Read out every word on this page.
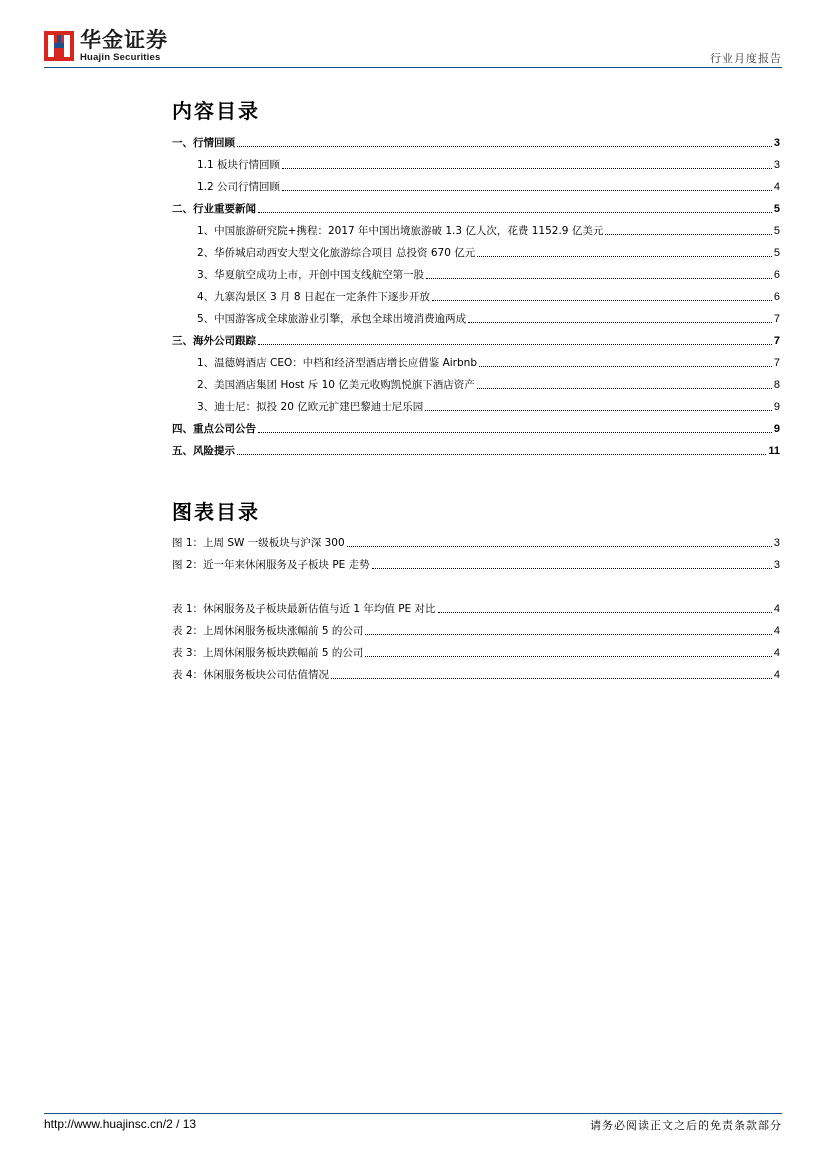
华金证券
Huajin Securities	行业月度报告
内容目录
一、行情回顾	3
1.1 板块行情回顾	3
1.2 公司行情回顾	4
二、行业重要新闻	5
1、中国旅游研究院+携程：2017 年中国出境旅游破 1.3 亿人次，花费 1152.9 亿美元	5
2、华侨城启动西安大型文化旅游综合项目 总投资 670 亿元	5
3、华夏航空成功上市，开创中国支线航空第一股	6
4、九寨沟景区 3 月 8 日起在一定条件下逐步开放	6
5、中国游客成全球旅游业引擎，承包全球出境消费逾两成	7
三、海外公司跟踪	7
1、温德姆酒店 CEO：中档和经济型酒店增长应借鉴 Airbnb	7
2、美国酒店集团 Host 斥 10 亿美元收购凯悦旗下酒店资产	8
3、迪士尼：拟投 20 亿欧元扩建巴黎迪士尼乐园	9
四、重点公司公告	9
五、风险提示	11
图表目录
图 1：上周 SW 一级板块与沪深 300	3
图 2：近一年来休闲服务及子板块 PE 走势	3
表 1：休闲服务及子板块最新估值与近 1 年均值 PE 对比	4
表 2：上周休闲服务板块涨幅前 5 的公司	4
表 3：上周休闲服务板块跌幅前 5 的公司	4
表 4：休闲服务板块公司估值情况	4
http://www.huajinsc.cn/2 / 13	请务必阅读正文之后的免责条款部分
